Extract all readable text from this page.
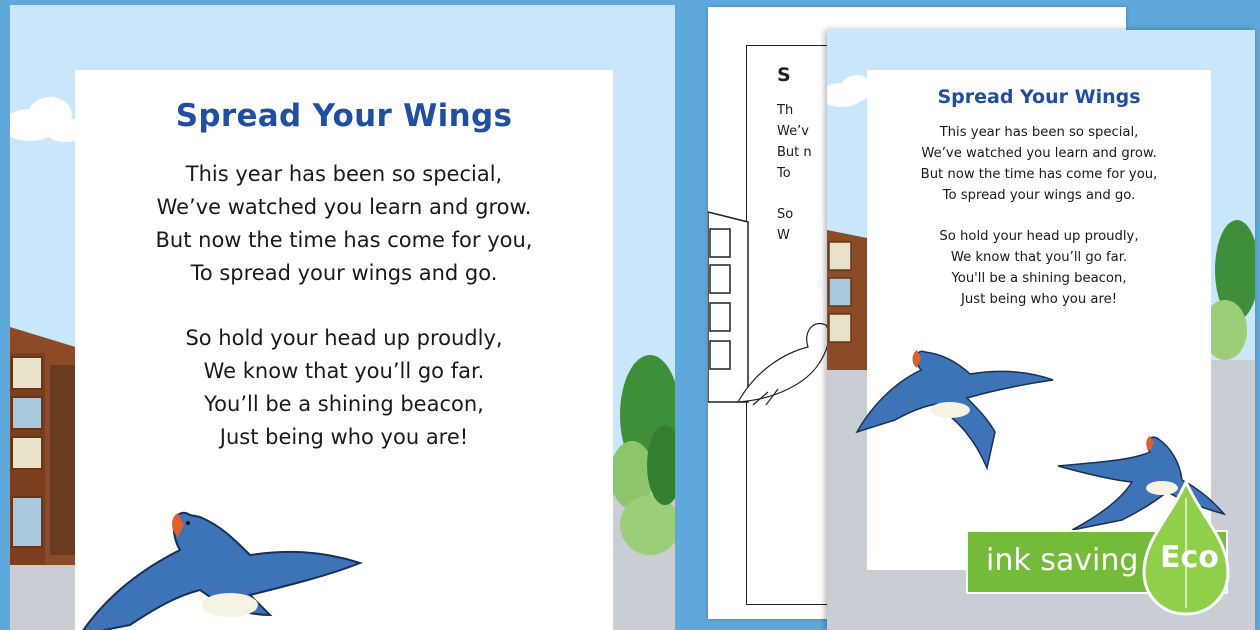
Spread Your Wings
This year has been so special,
We’ve watched you learn and grow.
But now the time has come for you,
To spread your wings and go.
So hold your head up proudly,
We know that you’ll go far.
You’ll be a shining beacon,
Just being who you are!
S
Th
We’v
But n
To
So
W
Spread Your Wings
This year has been so special,
We’ve watched you learn and grow.
But now the time has come for you,
To spread your wings and go.
So hold your head up proudly,
We know that you’ll go far.
You'll be a shining beacon,
Just being who you are!
ink saving Eco
